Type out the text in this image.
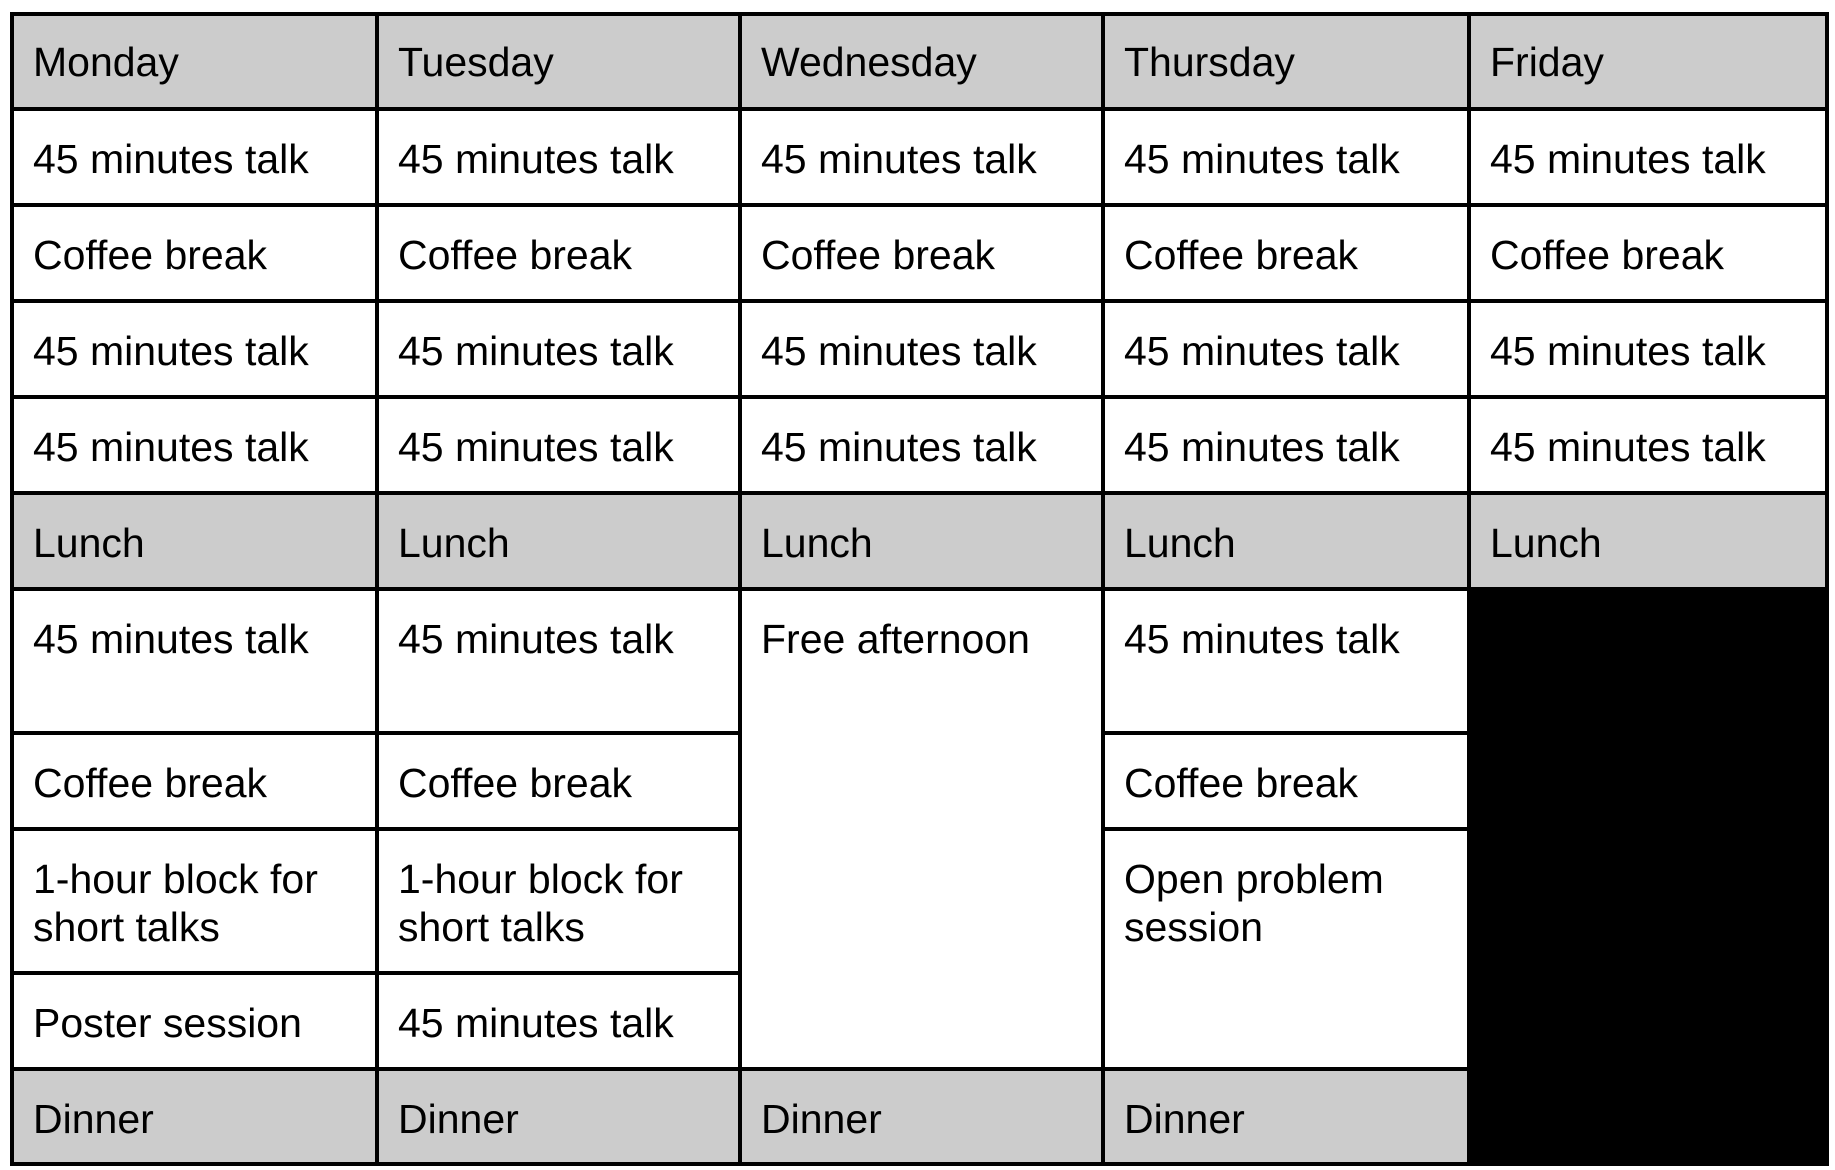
Monday	Tuesday	Wednesday	Thursday	Friday
45 minutes talk	45 minutes talk	45 minutes talk	45 minutes talk	45 minutes talk
Coffee break	Coffee break	Coffee break	Coffee break	Coffee break
45 minutes talk	45 minutes talk	45 minutes talk	45 minutes talk	45 minutes talk
45 minutes talk	45 minutes talk	45 minutes talk	45 minutes talk	45 minutes talk
Lunch	Lunch	Lunch	Lunch	Lunch
45 minutes talk	45 minutes talk	Free afternoon	45 minutes talk	
Coffee break	Coffee break		Coffee break	
1-hour block for short talks	1-hour block for short talks		Open problem session	
Poster session	45 minutes talk			
Dinner	Dinner	Dinner	Dinner	
